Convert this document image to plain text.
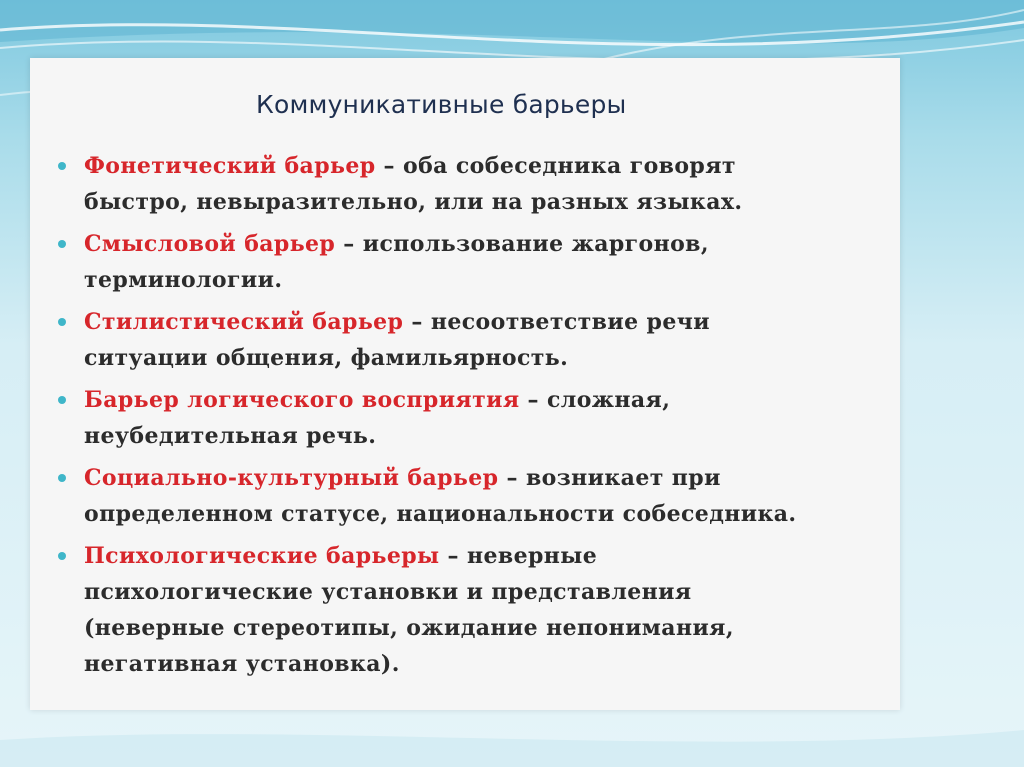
Коммуникативные барьеры
Фонетический барьер – оба собеседника говорят
быстро, невыразительно, или на разных языках.
Смысловой барьер – использование жаргонов,
терминологии.
Стилистический барьер – несоответствие речи
ситуации общения, фамильярность.
Барьер логического восприятия – сложная,
неубедительная речь.
Социально-культурный барьер – возникает при
определенном статусе, национальности собеседника.
Психологические барьеры – неверные
психологические установки и представления
(неверные стереотипы, ожидание непонимания,
негативная установка).
